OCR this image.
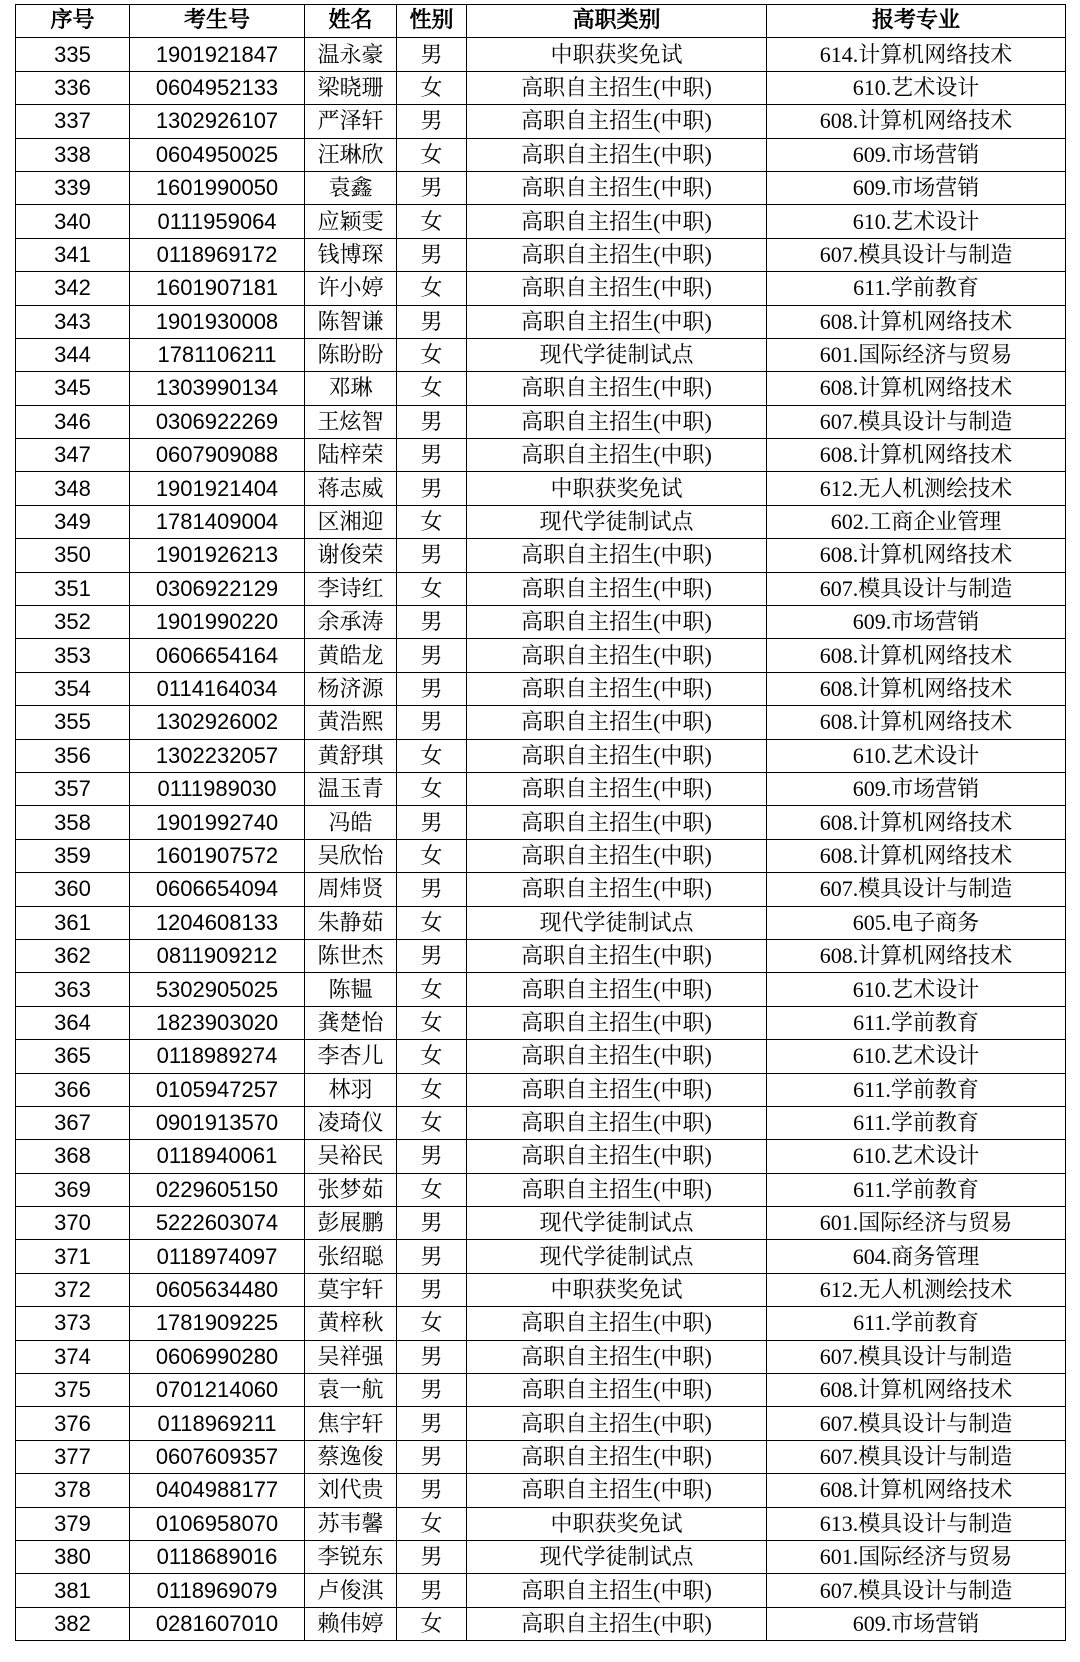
序号	考生号	姓名	性别	高职类别	报考专业
335	1901921847	温永豪	男	中职获奖免试	614.计算机网络技术
336	0604952133	梁晓珊	女	高职自主招生(中职)	610.艺术设计
337	1302926107	严泽轩	男	高职自主招生(中职)	608.计算机网络技术
338	0604950025	汪琳欣	女	高职自主招生(中职)	609.市场营销
339	1601990050	袁鑫	男	高职自主招生(中职)	609.市场营销
340	0111959064	应颖雯	女	高职自主招生(中职)	610.艺术设计
341	0118969172	钱博琛	男	高职自主招生(中职)	607.模具设计与制造
342	1601907181	许小婷	女	高职自主招生(中职)	611.学前教育
343	1901930008	陈智谦	男	高职自主招生(中职)	608.计算机网络技术
344	1781106211	陈盼盼	女	现代学徒制试点	601.国际经济与贸易
345	1303990134	邓琳	女	高职自主招生(中职)	608.计算机网络技术
346	0306922269	王炫智	男	高职自主招生(中职)	607.模具设计与制造
347	0607909088	陆梓荣	男	高职自主招生(中职)	608.计算机网络技术
348	1901921404	蒋志威	男	中职获奖免试	612.无人机测绘技术
349	1781409004	区湘迎	女	现代学徒制试点	602.工商企业管理
350	1901926213	谢俊荣	男	高职自主招生(中职)	608.计算机网络技术
351	0306922129	李诗红	女	高职自主招生(中职)	607.模具设计与制造
352	1901990220	余承涛	男	高职自主招生(中职)	609.市场营销
353	0606654164	黄皓龙	男	高职自主招生(中职)	608.计算机网络技术
354	0114164034	杨济源	男	高职自主招生(中职)	608.计算机网络技术
355	1302926002	黄浩熙	男	高职自主招生(中职)	608.计算机网络技术
356	1302232057	黄舒琪	女	高职自主招生(中职)	610.艺术设计
357	0111989030	温玉青	女	高职自主招生(中职)	609.市场营销
358	1901992740	冯皓	男	高职自主招生(中职)	608.计算机网络技术
359	1601907572	吴欣怡	女	高职自主招生(中职)	608.计算机网络技术
360	0606654094	周炜贤	男	高职自主招生(中职)	607.模具设计与制造
361	1204608133	朱静茹	女	现代学徒制试点	605.电子商务
362	0811909212	陈世杰	男	高职自主招生(中职)	608.计算机网络技术
363	5302905025	陈韫	女	高职自主招生(中职)	610.艺术设计
364	1823903020	龚楚怡	女	高职自主招生(中职)	611.学前教育
365	0118989274	李杏儿	女	高职自主招生(中职)	610.艺术设计
366	0105947257	林羽	女	高职自主招生(中职)	611.学前教育
367	0901913570	凌琦仪	女	高职自主招生(中职)	611.学前教育
368	0118940061	吴裕民	男	高职自主招生(中职)	610.艺术设计
369	0229605150	张梦茹	女	高职自主招生(中职)	611.学前教育
370	5222603074	彭展鹏	男	现代学徒制试点	601.国际经济与贸易
371	0118974097	张绍聪	男	现代学徒制试点	604.商务管理
372	0605634480	莫宇轩	男	中职获奖免试	612.无人机测绘技术
373	1781909225	黄梓秋	女	高职自主招生(中职)	611.学前教育
374	0606990280	吴祥强	男	高职自主招生(中职)	607.模具设计与制造
375	0701214060	袁一航	男	高职自主招生(中职)	608.计算机网络技术
376	0118969211	焦宇轩	男	高职自主招生(中职)	607.模具设计与制造
377	0607609357	蔡逸俊	男	高职自主招生(中职)	607.模具设计与制造
378	0404988177	刘代贵	男	高职自主招生(中职)	608.计算机网络技术
379	0106958070	苏韦馨	女	中职获奖免试	613.模具设计与制造
380	0118689016	李锐东	男	现代学徒制试点	601.国际经济与贸易
381	0118969079	卢俊淇	男	高职自主招生(中职)	607.模具设计与制造
382	0281607010	赖伟婷	女	高职自主招生(中职)	609.市场营销
